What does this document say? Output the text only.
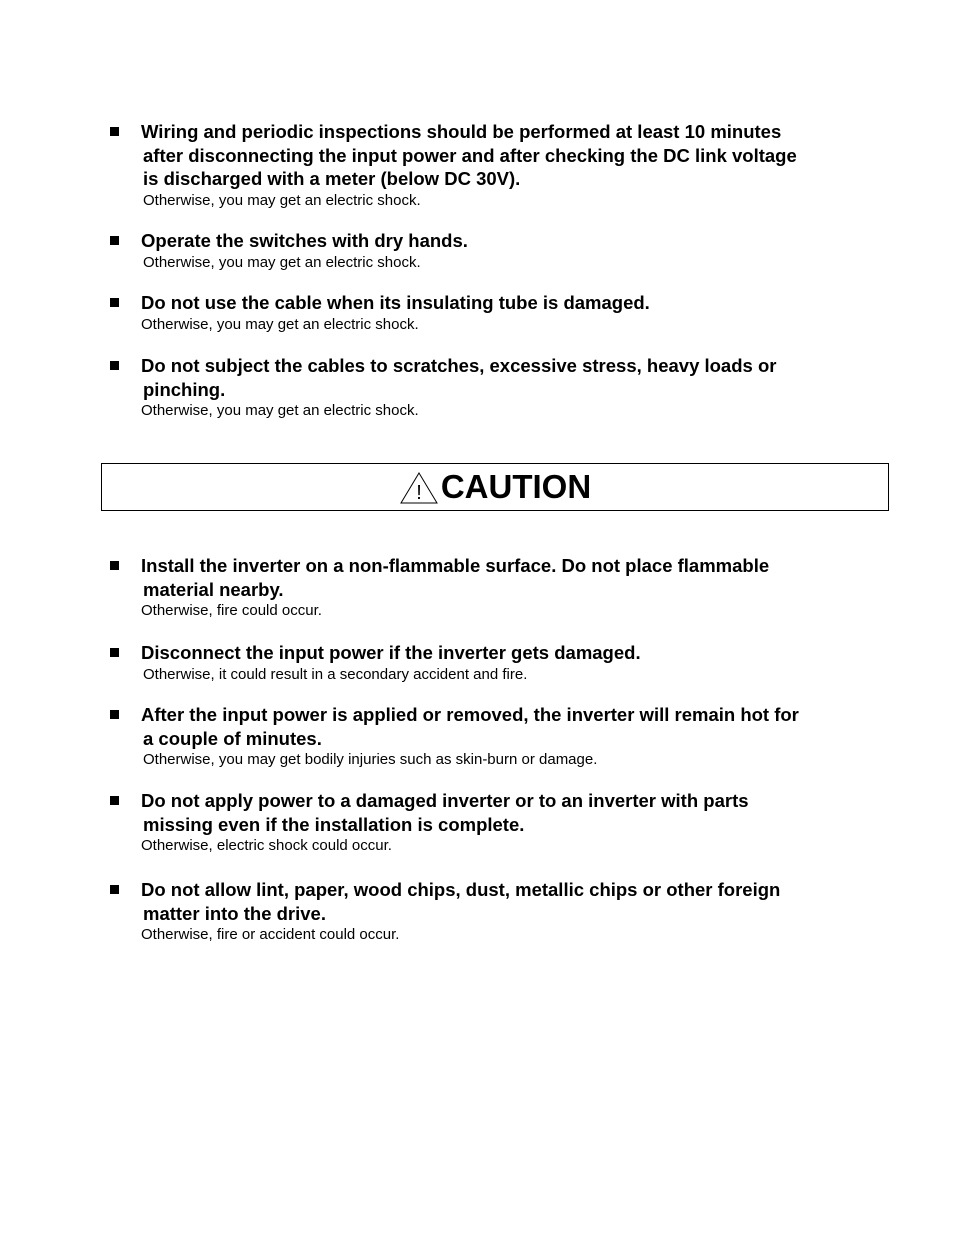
Wiring and periodic inspections should be performed at least 10 minutes
after disconnecting the input power and after checking the DC link voltage
is discharged with a meter (below DC 30V).
Otherwise, you may get an electric shock.
Operate the switches with dry hands.
Otherwise, you may get an electric shock.
Do not use the cable when its insulating tube is damaged.
Otherwise, you may get an electric shock.
Do not subject the cables to scratches, excessive stress, heavy loads or
pinching.
Otherwise, you may get an electric shock.
! CAUTION
Install the inverter on a non-flammable surface. Do not place flammable
material nearby.
Otherwise, fire could occur.
Disconnect the input power if the inverter gets damaged.
Otherwise, it could result in a secondary accident and fire.
After the input power is applied or removed, the inverter will remain hot for
a couple of minutes.
Otherwise, you may get bodily injuries such as skin-burn or damage.
Do not apply power to a damaged inverter or to an inverter with parts
missing even if the installation is complete.
Otherwise, electric shock could occur.
Do not allow lint, paper, wood chips, dust, metallic chips or other foreign
matter into the drive.
Otherwise, fire or accident could occur.
